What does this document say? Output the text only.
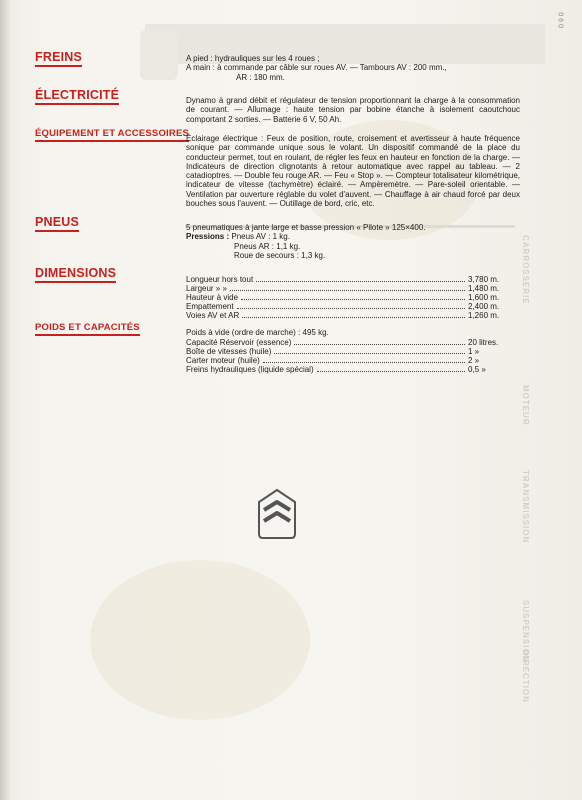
0 6 0
FREINS	A pied : hydrauliques sur les 4 roues ;
A main : à commande par câble sur roues AV. — Tambours AV : 200 mm.,
AR : 180 mm.
ÉLECTRICITÉ	Dynamo à grand débit et régulateur de tension proportionnant la charge à la consommation de courant. — Allumage : haute tension par bobine étanche à isolement caoutchouc comportant 2 sorties. — Batterie 6 V, 50 Ah.
ÉQUIPEMENT ET ACCESSOIRES
Éclairage électrique : Feux de position, route, croisement et avertisseur à haute fréquence sonique par commande unique sous le volant. Un dispositif commandé de la place du conducteur permet, tout en roulant, de régler les feux en hauteur en fonction de la charge. — Indicateurs de direction clignotants à retour automatique avec rappel au tableau. — 2 catadioptres. — Double feu rouge AR. — Feu « Stop ». — Compteur totalisateur kilométrique, indicateur de vitesse (tachymètre) éclairé. — Ampèremètre. — Pare-soleil orientable. — Ventilation par ouverture réglable du volet d'auvent. — Chauffage à air chaud forcé par deux bouches sous l'auvent. — Outillage de bord, cric, etc.
PNEUS	5 pneumatiques à jante large et basse pression « Pilote » 125×400.
Pressions : Pneus AV : 1 kg.
Pneus AR : 1,1 kg.
Roue de secours : 1,3 kg.
DIMENSIONS	Longueur hors tout	3,780 m.
Largeur » »	1,480 m.
Hauteur à vide	1,600 m.
Empattement	2,400 m.
Voies AV et AR	1,260 m.
POIDS ET CAPACITÉS	Poids à vide (ordre de marche) : 495 kg.
Capacité Réservoir (essence)	20 litres.
Boîte de vitesses (huile)	1 »
Carter moteur (huile)	2 »
Freins hydrauliques (liquide spécial)	0,5 »
CARROSSERIE
MOTEUR
TRANSMISSION
SUSPENSION
DIRECTION
